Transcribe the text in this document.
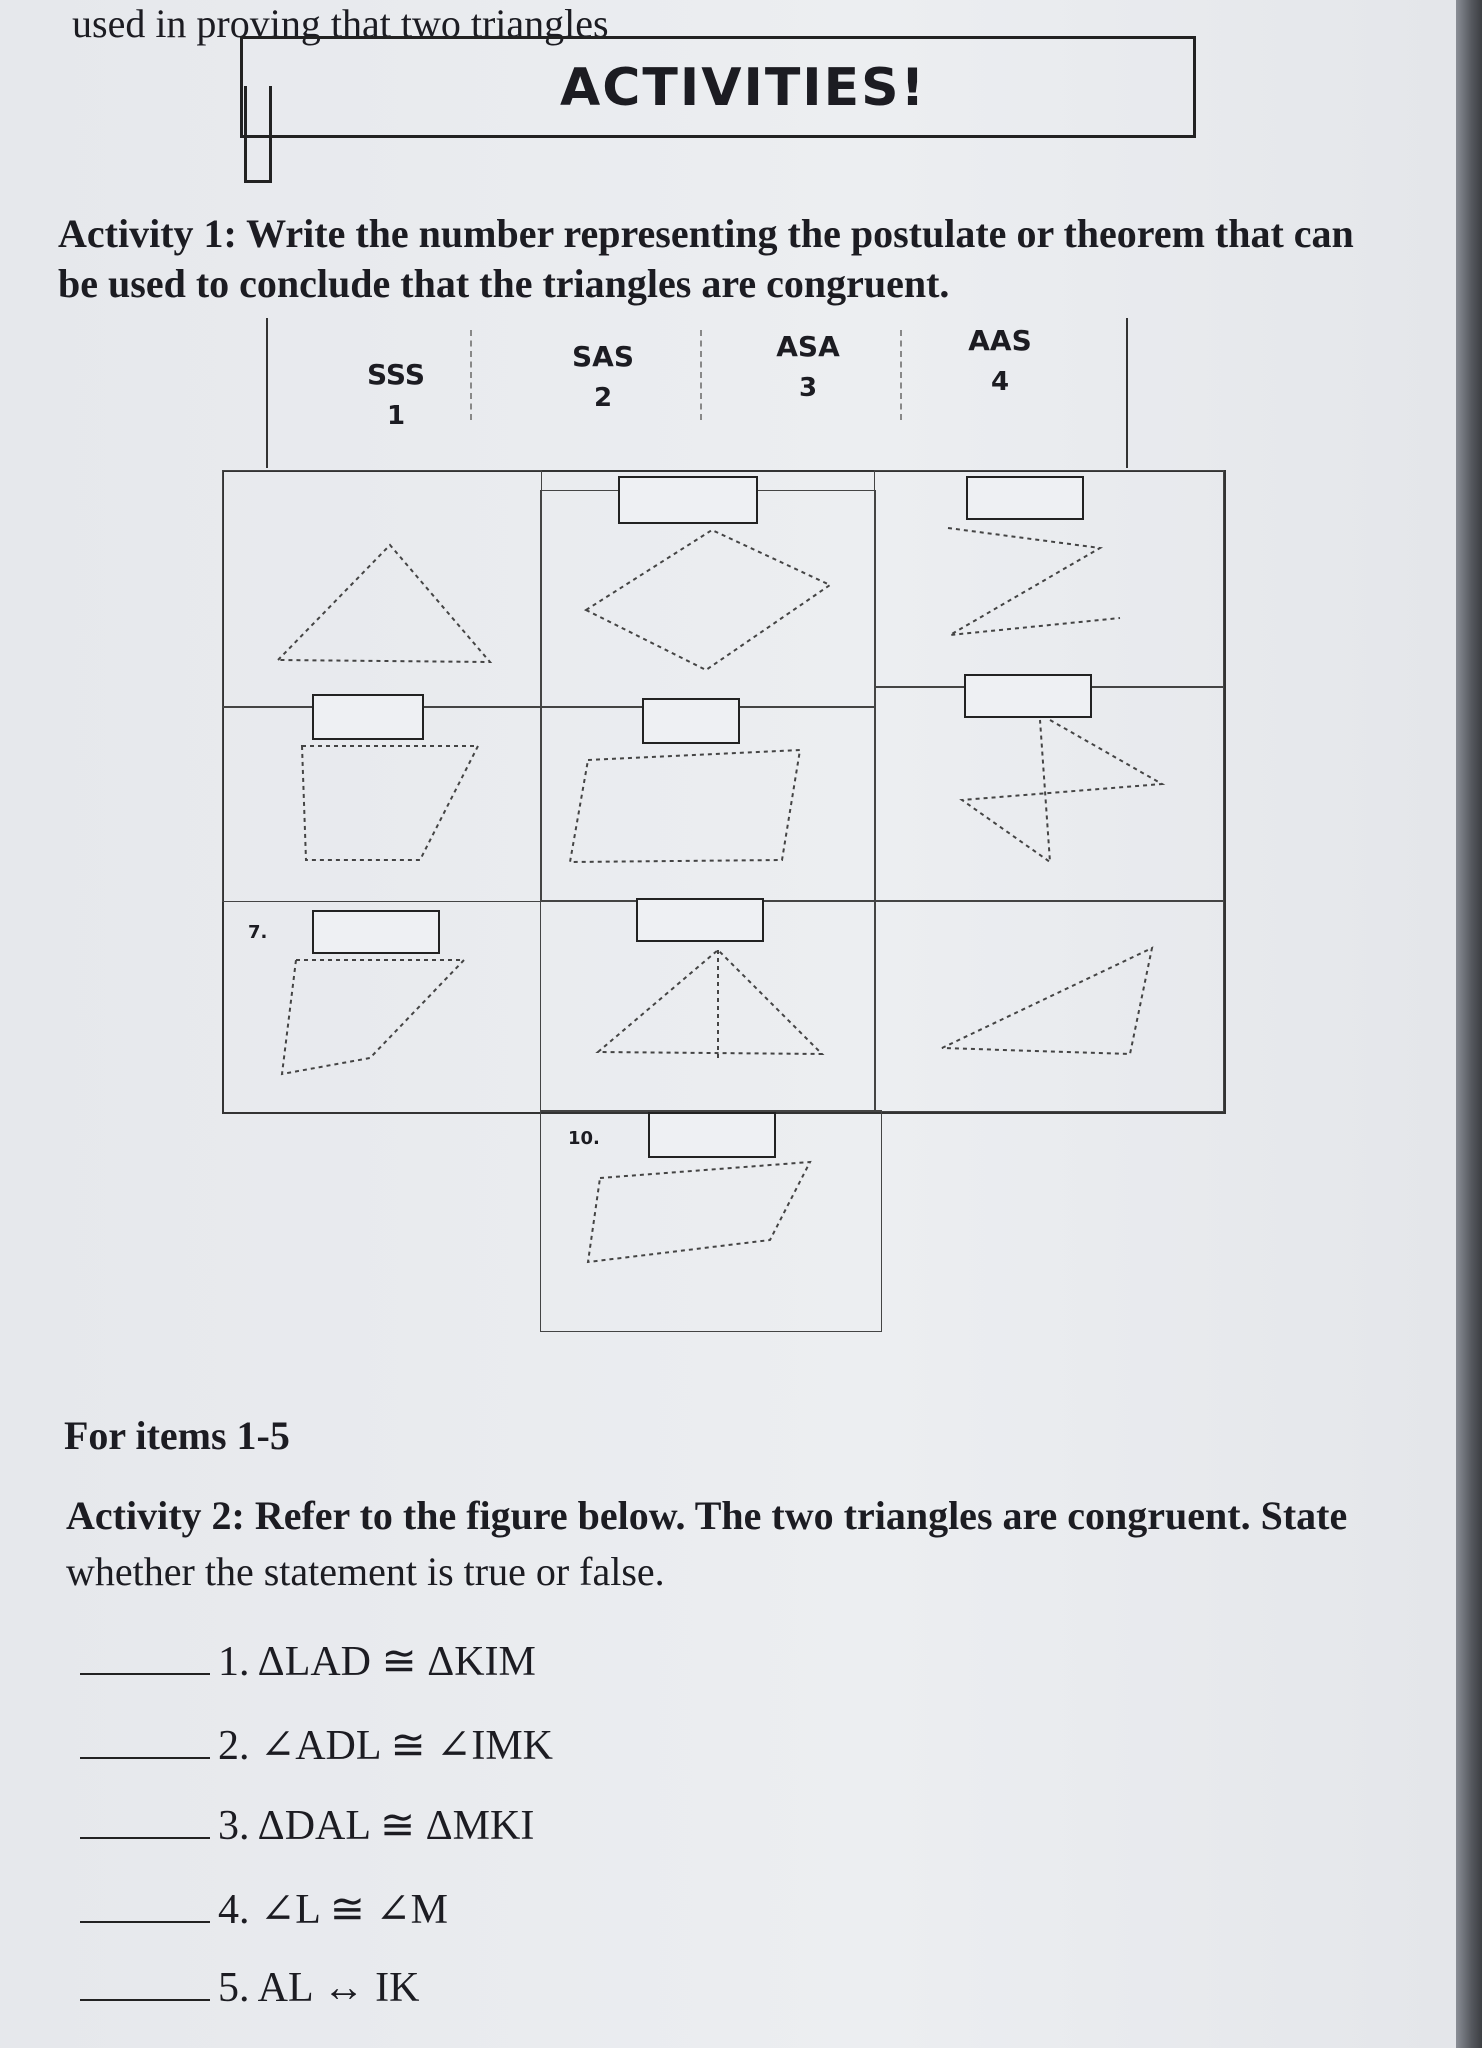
used in proving that two triangles
ACTIVITIES!
Activity 1: Write the number representing the postulate or theorem that can
be used to conclude that the triangles are congruent.
SSS
1
SAS
2
ASA
3
AAS
4
7.
10.
For items 1-5
Activity 2: Refer to the figure below. The two triangles are congruent. State
whether the statement is true or false.
1. ΔLAD ≅ ΔKIM
2. ∠ADL ≅ ∠IMK
3. ΔDAL ≅ ΔMKI
4. ∠L ≅ ∠M
5. AL ↔ IK
